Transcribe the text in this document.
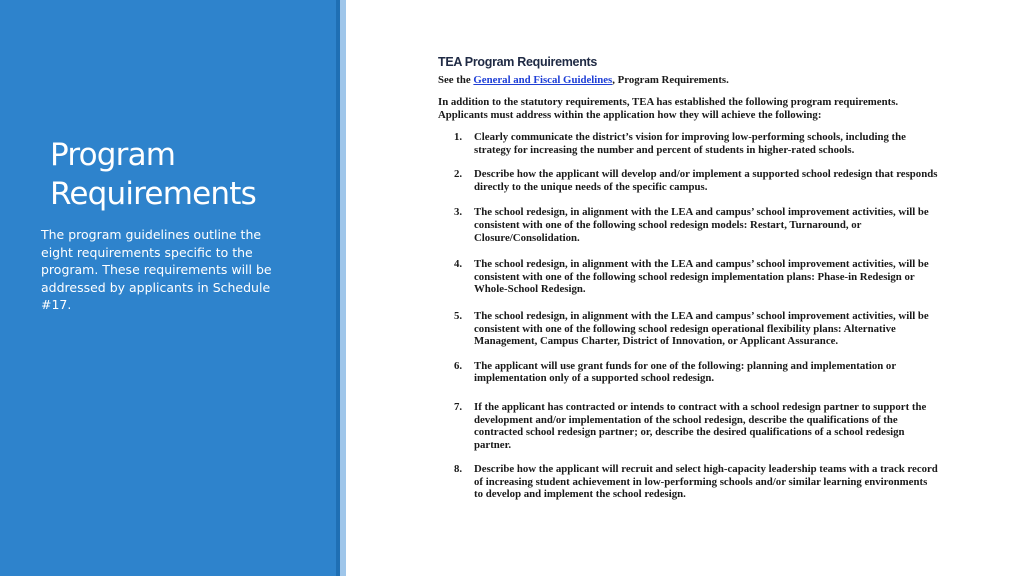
Program
Requirements

The program guidelines outline the eight requirements specific to the program. These requirements will be addressed by applicants in Schedule #17.

TEA Program Requirements

See the General and Fiscal Guidelines, Program Requirements.

In addition to the statutory requirements, TEA has established the following program requirements. Applicants must address within the application how they will achieve the following:

1.	Clearly communicate the district’s vision for improving low-performing schools, including the strategy for increasing the number and percent of students in higher-rated schools.
2.	Describe how the applicant will develop and/or implement a supported school redesign that responds directly to the unique needs of the specific campus.
3.	The school redesign, in alignment with the LEA and campus’ school improvement activities, will be consistent with one of the following school redesign models: Restart, Turnaround, or Closure/Consolidation.
4.	The school redesign, in alignment with the LEA and campus’ school improvement activities, will be consistent with one of the following school redesign implementation plans: Phase-in Redesign or Whole-School Redesign.
5.	The school redesign, in alignment with the LEA and campus’ school improvement activities, will be consistent with one of the following school redesign operational flexibility plans: Alternative Management, Campus Charter, District of Innovation, or Applicant Assurance.
6.	The applicant will use grant funds for one of the following: planning and implementation or implementation only of a supported school redesign.
7.	If the applicant has contracted or intends to contract with a school redesign partner to support the development and/or implementation of the school redesign, describe the qualifications of the contracted school redesign partner; or, describe the desired qualifications of a school redesign partner.
8.	Describe how the applicant will recruit and select high-capacity leadership teams with a track record of increasing student achievement in low-performing schools and/or similar learning environments to develop and implement the school redesign.
